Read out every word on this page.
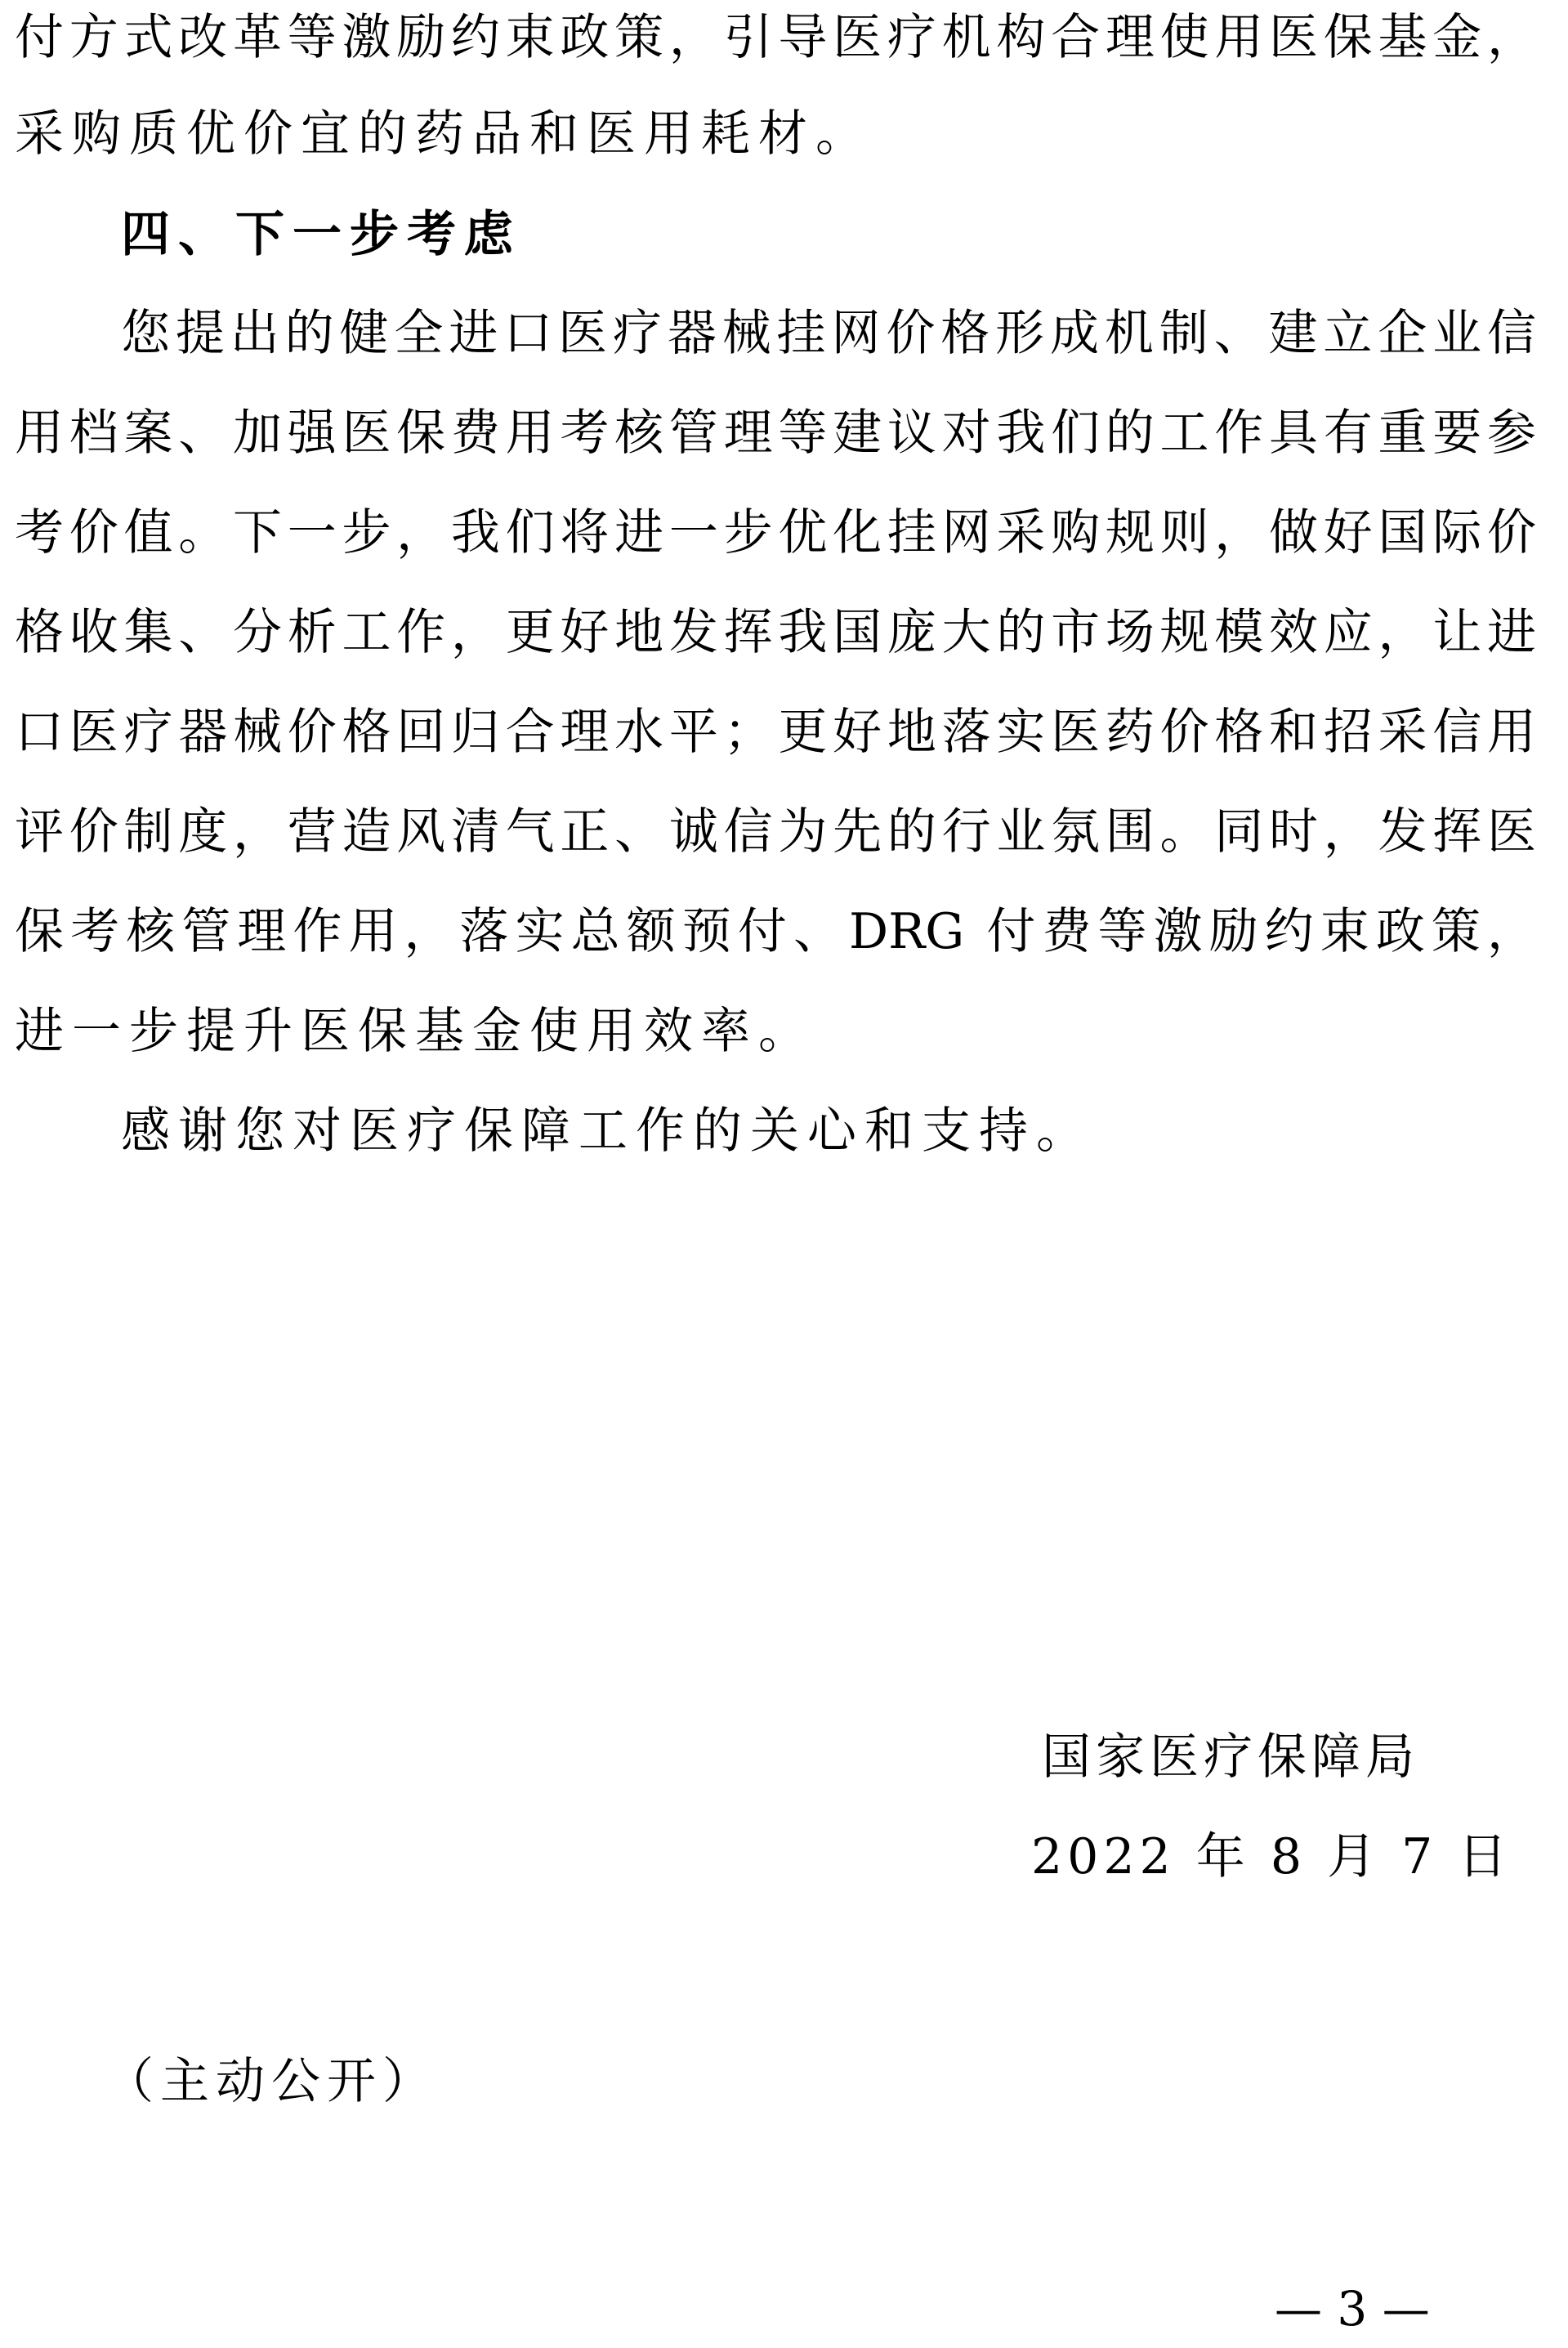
付方式改革等激励约束政策，引导医疗机构合理使用医保基金，
采购质优价宜的药品和医用耗材。
四、下一步考虑
您提出的健全进口医疗器械挂网价格形成机制、建立企业信
用档案、加强医保费用考核管理等建议对我们的工作具有重要参
考价值。下一步，我们将进一步优化挂网采购规则，做好国际价
格收集、分析工作，更好地发挥我国庞大的市场规模效应，让进
口医疗器械价格回归合理水平；更好地落实医药价格和招采信用
评价制度，营造风清气正、诚信为先的行业氛围。同时，发挥医
保考核管理作用，落实总额预付、DRG 付费等激励约束政策，
进一步提升医保基金使用效率。
感谢您对医疗保障工作的关心和支持。
国家医疗保障局
2022 年 8 月 7 日
（主动公开）
— 3 —
